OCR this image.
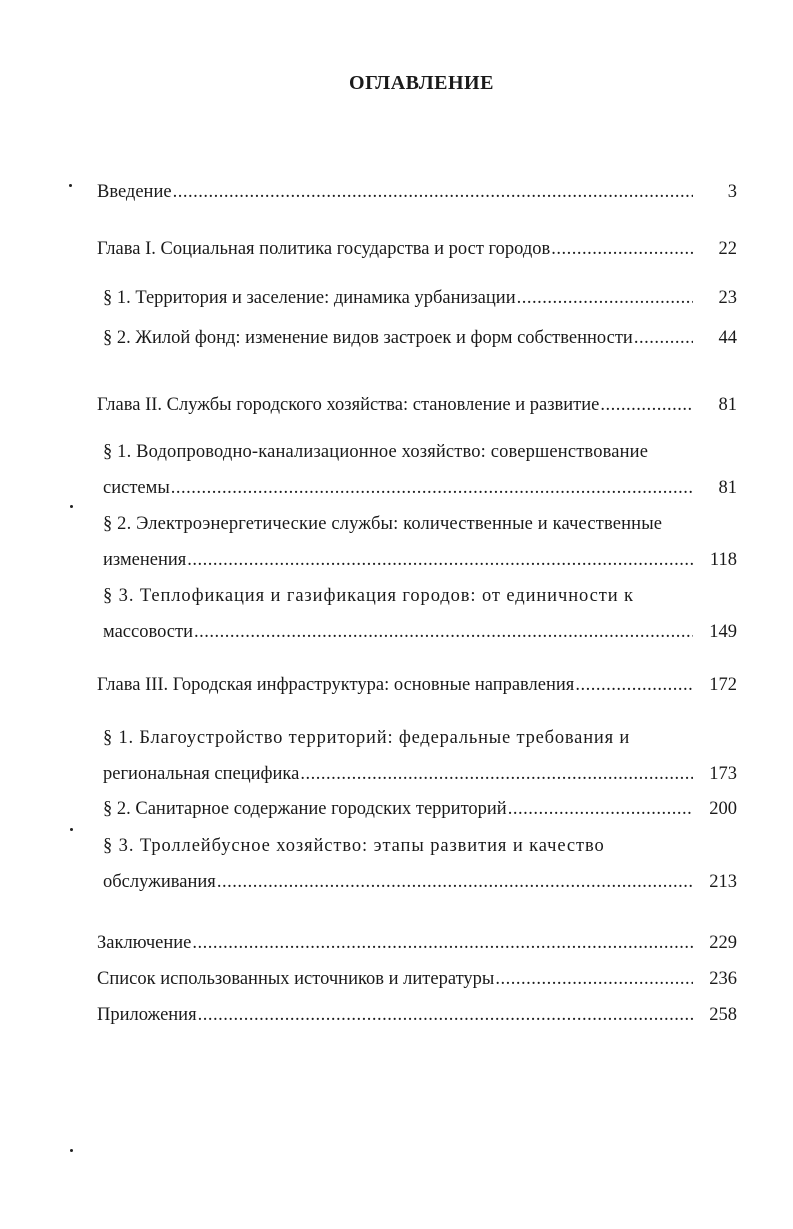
ОГЛАВЛЕНИЕ
Введение .....	3
Глава I. Социальная политика государства и рост городов .....	22
§ 1. Территория и заселение: динамика урбанизации .....	23
§ 2. Жилой фонд: изменение видов застроек и форм собственности .....	44
Глава II. Службы городского хозяйства: становление и развитие .....	81
§ 1. Водопроводно-канализационное хозяйство: совершенствование
системы .....	81
§ 2. Электроэнергетические службы: количественные и качественные
изменения .....	118
§ 3. Теплофикация и газификация городов: от единичности к
массовости .....	149
Глава III. Городская инфраструктура: основные направления .....	172
§ 1. Благоустройство территорий: федеральные требования и
региональная специфика .....	173
§ 2. Санитарное содержание городских территорий .....	200
§ 3. Троллейбусное хозяйство: этапы развития и качество
обслуживания .....	213
Заключение .....	229
Список использованных источников и литературы .....	236
Приложения .....	258
